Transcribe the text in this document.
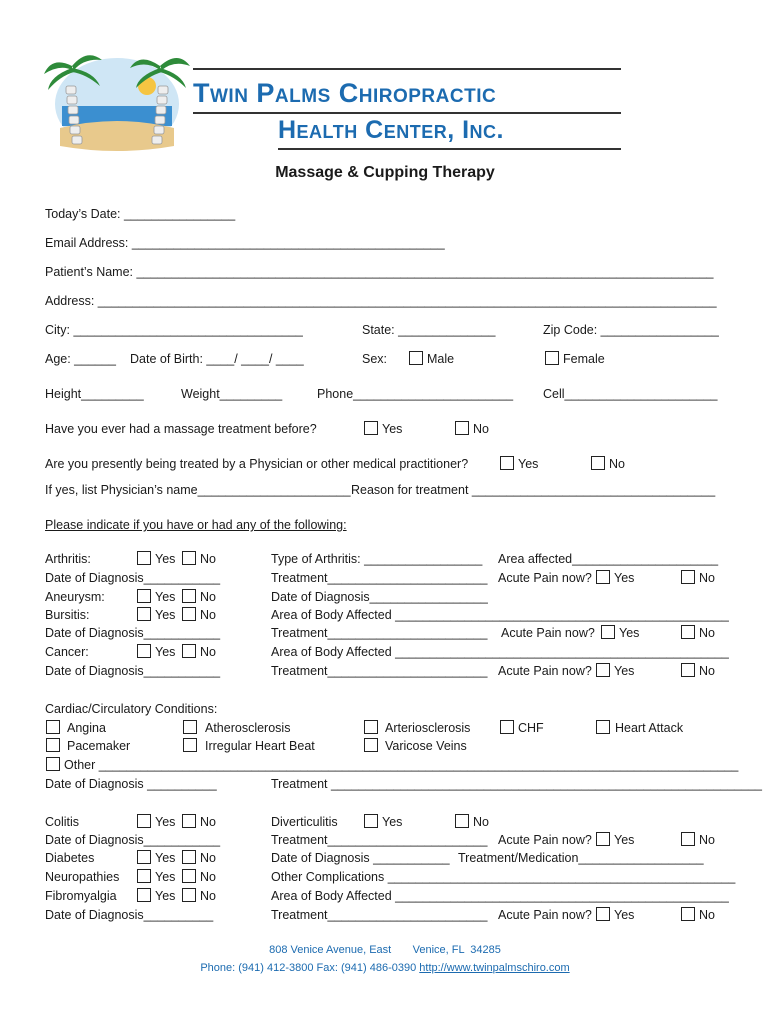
Twin Palms Chiropractic
Health Center, Inc.
Massage & Cupping Therapy
Today’s Date: ________________
Email Address: _____________________________________________
Patient’s Name: ___________________________________________________________________________________
Address: _________________________________________________________________________________________
City: _________________________________	State: ______________	Zip Code: _________________
Age: ______ Date of Birth: ____/ ____/ ____	Sex:	Male	Female
Height_________	Weight_________	Phone_______________________ Cell______________________
Have you ever had a massage treatment before?	Yes	No
Are you presently being treated by a Physician or other medical practitioner?	Yes	No
If yes, list Physician’s name______________________ Reason for treatment ___________________________________
Please indicate if you have or had any of the following:
Arthritis:	Yes No	Type of Arthritis: _________________ Area affected_____________________
Date of Diagnosis___________	Treatment_______________________ Acute Pain now? Yes	No
Aneurysm:	Yes No	Date of Diagnosis_________________
Bursitis:	Yes No	Area of Body Affected ________________________________________________
Date of Diagnosis___________	Treatment_______________________ Acute Pain now? Yes	No
Cancer:	Yes No	Area of Body Affected ________________________________________________
Date of Diagnosis___________	Treatment_______________________ Acute Pain now? Yes	No
Cardiac/Circulatory Conditions:
Angina	Atherosclerosis	Arteriosclerosis	CHF	Heart Attack
Pacemaker	Irregular Heart Beat	Varicose Veins
Other ____________________________________________________________________________________________
Date of Diagnosis __________	Treatment ______________________________________________________________
Colitis	Yes No	Diverticulitis	Yes	No
Date of Diagnosis___________	Treatment_______________________ Acute Pain now? Yes	No
Diabetes	Yes No	Date of Diagnosis ___________ Treatment/Medication__________________
Neuropathies	Yes No	Other Complications __________________________________________________
Fibromyalgia	Yes No	Area of Body Affected ________________________________________________
Date of Diagnosis__________	Treatment_______________________ Acute Pain now? Yes	No
808 Venice Avenue, East       Venice, FL  34285
Phone: (941) 412-3800 Fax: (941) 486-0390 http://www.twinpalmschiro.com
